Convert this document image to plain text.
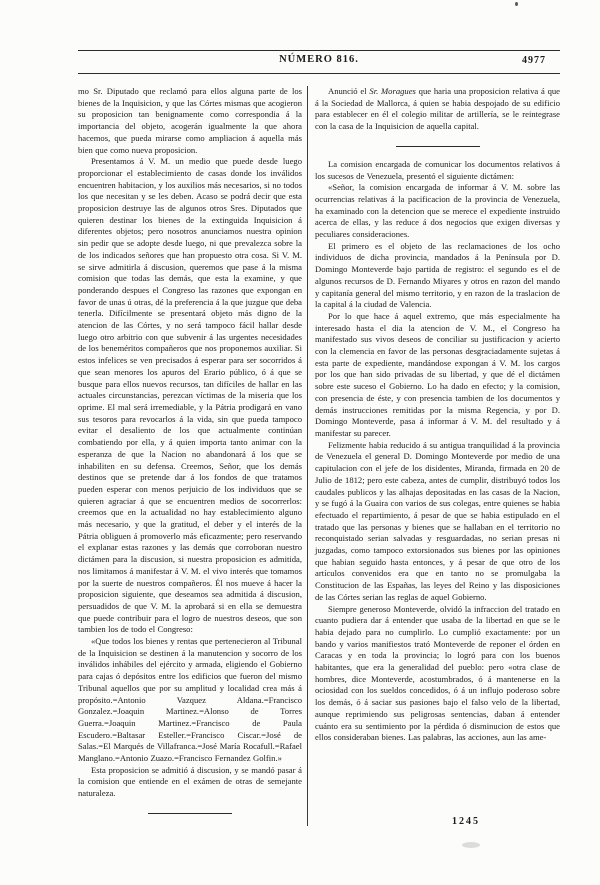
NÚMERO 816.	4977

mo Sr. Diputado que reclamó para ellos alguna parte de los bienes de la Inquisicion, y que las Córtes mismas que acogieron su proposicion tan benignamente como correspondia á la importancia del objeto, acogerán igualmente la que ahora hacemos, que pueda mirarse como ampliacion á aquella más bien que como nueva proposicion.

Presentamos á V. M. un medio que puede desde luego proporcionar el establecimiento de casas donde los inválidos encuentren habitacion, y los auxilios más necesarios, si no todos los que necesitan y se les deben. Acaso se podrá decir que esta proposicion destruye las de algunos otros Sres. Diputados que quieren destinar los bienes de la extinguida Inquisicion á diferentes objetos; pero nosotros anunciamos nuestra opinion sin pedir que se adopte desde luego, ni que prevalezca sobre la de los indicados señores que han propuesto otra cosa. Si V. M. se sirve admitirla á discusion, queremos que pase á la misma comision que todas las demás, que esta la examine, y que ponderando despues el Congreso las razones que expongan en favor de unas ú otras, dé la preferencia á la que juzgue que deba tenerla. Difícilmente se presentará objeto más digno de la atencion de las Córtes, y no será tampoco fácil hallar desde luego otro arbitrio con que subvenir á las urgentes necesidades de los beneméritos compañeros que nos proponemos auxiliar. Si estos infelices se ven precisados á esperar para ser socorridos á que sean menores los apuros del Erario público, ó á que se busque para ellos nuevos recursos, tan difíciles de hallar en las actuales circunstancias, perezcan víctimas de la miseria que los oprime. El mal será irremediable, y la Pátria prodigará en vano sus tesoros para revocarlos á la vida, sin que pueda tampoco evitar el desaliento de los que actualmente continúan combatiendo por ella, y á quien importa tanto animar con la esperanza de que la Nacion no abandonará á los que se inhabiliten en su defensa. Creemos, Señor, que los demás destinos que se pretende dar á los fondos de que tratamos pueden esperar con menos perjuicio de los individuos que se quieren agraciar á que se encuentren medios de socorrerlos: creemos que en la actualidad no hay establecimiento alguno más necesario, y que la gratitud, el deber y el interés de la Pátria obliguen á promoverlo más eficazmente; pero reservando el explanar estas razones y las demás que corroboran nuestro dictámen para la discusion, si nuestra proposicion es admitida, nos limitamos á manifestar á V. M. el vivo interés que tomamos por la suerte de nuestros compañeros. Él nos mueve á hacer la proposicion siguiente, que deseamos sea admitida á discusion, persuadidos de que V. M. la aprobará si en ella se demuestra que puede contribuir para el logro de nuestros deseos, que son tambien los de todo el Congreso:

«Que todos los bienes y rentas que pertenecieron al Tribunal de la Inquisicion se destinen á la manutencion y socorro de los inválidos inhábiles del ejército y armada, eligiendo el Gobierno para cajas ó depósitos entre los edificios que fueron del mismo Tribunal aquellos que por su amplitud y localidad crea más á propósito.=Antonio Vazquez Aldana.=Francisco Gonzalez.=Joaquin Martinez.=Alonso de Torres Guerra.=Joaquin Martinez.=Francisco de Paula Escudero.=Baltasar Esteller.=Francisco Ciscar.=José de Salas.=El Marqués de Villafranca.=José María Rocafull.=Rafael Manglano.=Antonio Zuazo.=Francisco Fernandez Golfin.»

Esta proposicion se admitió á discusion, y se mandó pasar á la comision que entiende en el exámen de otras de semejante naturaleza.

Anunció el Sr. Moragues que haria una proposicion relativa á que á la Sociedad de Mallorca, á quien se habia despojado de su edificio para establecer en él el colegio militar de artillería, se le reintegrase con la casa de la Inquisicion de aquella capital.

La comision encargada de comunicar los documentos relativos á los sucesos de Venezuela, presentó el siguiente dictámen:

«Señor, la comision encargada de informar á V. M. sobre las ocurrencias relativas á la pacificacion de la provincia de Venezuela, ha examinado con la detencion que se merece el expediente instruido acerca de ellas, y las reduce á dos negocios que exigen diversas y peculiares consideraciones.

El primero es el objeto de las reclamaciones de los ocho individuos de dicha provincia, mandados á la Península por D. Domingo Monteverde bajo partida de registro: el segundo es el de algunos recursos de D. Fernando Miyares y otros en razon del mando y capitanía general del mismo territorio, y en razon de la traslacion de la capital á la ciudad de Valencia.

Por lo que hace á aquel extremo, que más especialmente ha interesado hasta el dia la atencion de V. M., el Congreso ha manifestado sus vivos deseos de conciliar su justificacion y acierto con la clemencia en favor de las personas desgraciadamente sujetas á esta parte de expediente, mandándose expongan á V. M. los cargos por los que han sido privadas de su libertad, y que dé el dictámen sobre este suceso el Gobierno. Lo ha dado en efecto; y la comision, con presencia de éste, y con presencia tambien de los documentos y demás instrucciones remitidas por la misma Regencia, y por D. Domingo Monteverde, pasa á informar á V. M. del resultado y á manifestar su parecer.

Felizmente habia reducido á su antigua tranquilidad á la provincia de Venezuela el general D. Domingo Monteverde por medio de una capitulacion con el jefe de los disidentes, Miranda, firmada en 20 de Julio de 1812; pero este cabeza, antes de cumplir, distribuyó todos los caudales publicos y las alhajas depositadas en las casas de la Nacion, y se fugó á la Guaira con varios de sus colegas, entre quienes se habia efectuado el repartimiento, á pesar de que se habia estipulado en el tratado que las personas y bienes que se hallaban en el territorio no reconquistado serian salvadas y resguardadas, no serian presas ni juzgadas, como tampoco extorsionados sus bienes por las opiniones que habian seguido hasta entonces, y á pesar de que otro de los artículos convenidos era que en tanto no se promulgaba la Constitucion de las Españas, las leyes del Reino y las disposiciones de las Córtes serian las reglas de aquel Gobierno.

Siempre generoso Monteverde, olvidó la infraccion del tratado en cuanto pudiera dar á entender que usaba de la libertad en que se le habia dejado para no cumplirlo. Lo cumplió exactamente: por un bando y varios manifiestos trató Monteverde de reponer el órden en Caracas y en toda la provincia; lo logró para con los buenos habitantes, que era la generalidad del pueblo: pero «otra clase de hombres, dice Monteverde, acostumbrados, ó á mantenerse en la ociosidad con los sueldos concedidos, ó á un influjo poderoso sobre los demás, ó á saciar sus pasiones bajo el falso velo de la libertad, aunque reprimiendo sus peligrosas sentencias, daban á entender cuánto era su sentimiento por la pérdida ó disminucion de estos que ellos consideraban bienes. Las palabras, las acciones, aun las ame-

1245
